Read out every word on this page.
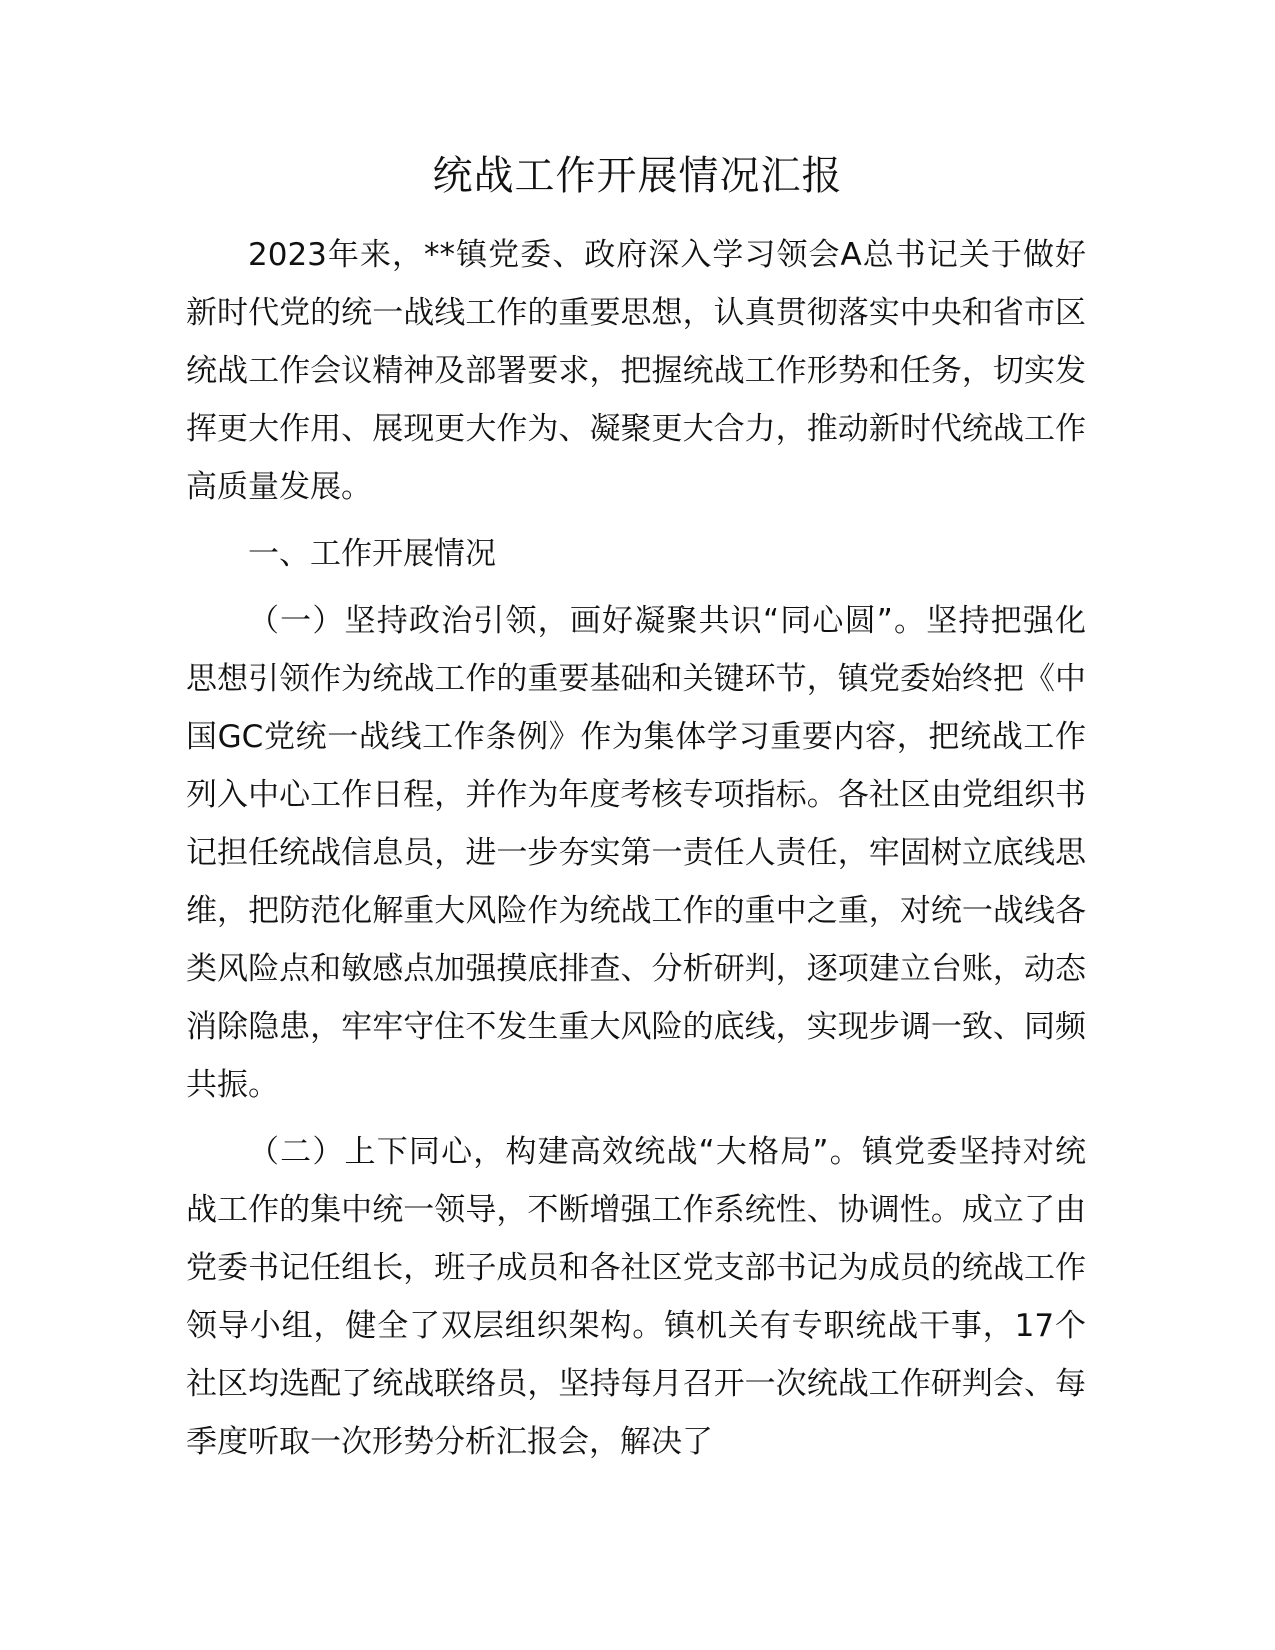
统战工作开展情况汇报

2023年来，**镇党委、政府深入学习领会A总书记关于做好新时代党的统一战线工作的重要思想，认真贯彻落实中央和省市区统战工作会议精神及部署要求，把握统战工作形势和任务，切实发挥更大作用、展现更大作为、凝聚更大合力，推动新时代统战工作高质量发展。

一、工作开展情况

（一）坚持政治引领，画好凝聚共识“同心圆”。坚持把强化思想引领作为统战工作的重要基础和关键环节，镇党委始终把《中国GC党统一战线工作条例》作为集体学习重要内容，把统战工作列入中心工作日程，并作为年度考核专项指标。各社区由党组织书记担任统战信息员，进一步夯实第一责任人责任，牢固树立底线思维，把防范化解重大风险作为统战工作的重中之重，对统一战线各类风险点和敏感点加强摸底排查、分析研判，逐项建立台账，动态消除隐患，牢牢守住不发生重大风险的底线，实现步调一致、同频共振。

（二）上下同心，构建高效统战“大格局”。镇党委坚持对统战工作的集中统一领导，不断增强工作系统性、协调性。成立了由党委书记任组长，班子成员和各社区党支部书记为成员的统战工作领导小组，健全了双层组织架构。镇机关有专职统战干事，17个社区均选配了统战联络员，坚持每月召开一次统战工作研判会、每季度听取一次形势分析汇报会，解决了
